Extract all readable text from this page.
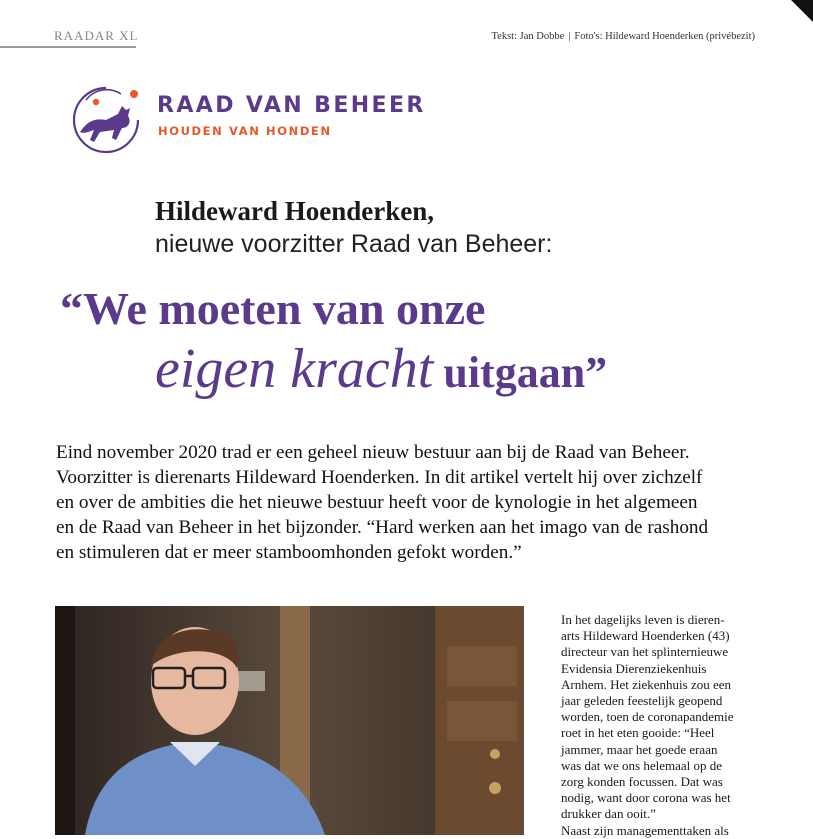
RAADAR XL	Tekst: Jan Dobbe | Foto's: Hildeward Hoenderken (privébezit)
RAAD VAN BEHEER
HOUDEN VAN HONDEN
Hildeward Hoenderken,
nieuwe voorzitter Raad van Beheer:
“We moeten van onze
eigen kracht uitgaan”

Eind november 2020 trad er een geheel nieuw bestuur aan bij de Raad van Beheer.

Voorzitter is dierenarts Hildeward Hoenderken. In dit artikel vertelt hij over zichzelf

en over de ambities die het nieuwe bestuur heeft voor de kynologie in het algemeen

en de Raad van Beheer in het bijzonder. “Hard werken aan het imago van de rashond

en stimuleren dat er meer stamboomhonden gefokt worden.”

In het dagelijks leven is dieren-

arts Hildeward Hoenderken (43)

directeur van het splinternieuwe

Evidensia Dierenziekenhuis

Arnhem. Het ziekenhuis zou een

jaar geleden feestelijk geopend

worden, toen de coronapandemie

roet in het eten gooide: “Heel

jammer, maar het goede eraan

was dat we ons helemaal op de

zorg konden focussen. Dat was

nodig, want door corona was het

drukker dan ooit.”

Naast zijn managementtaken als
